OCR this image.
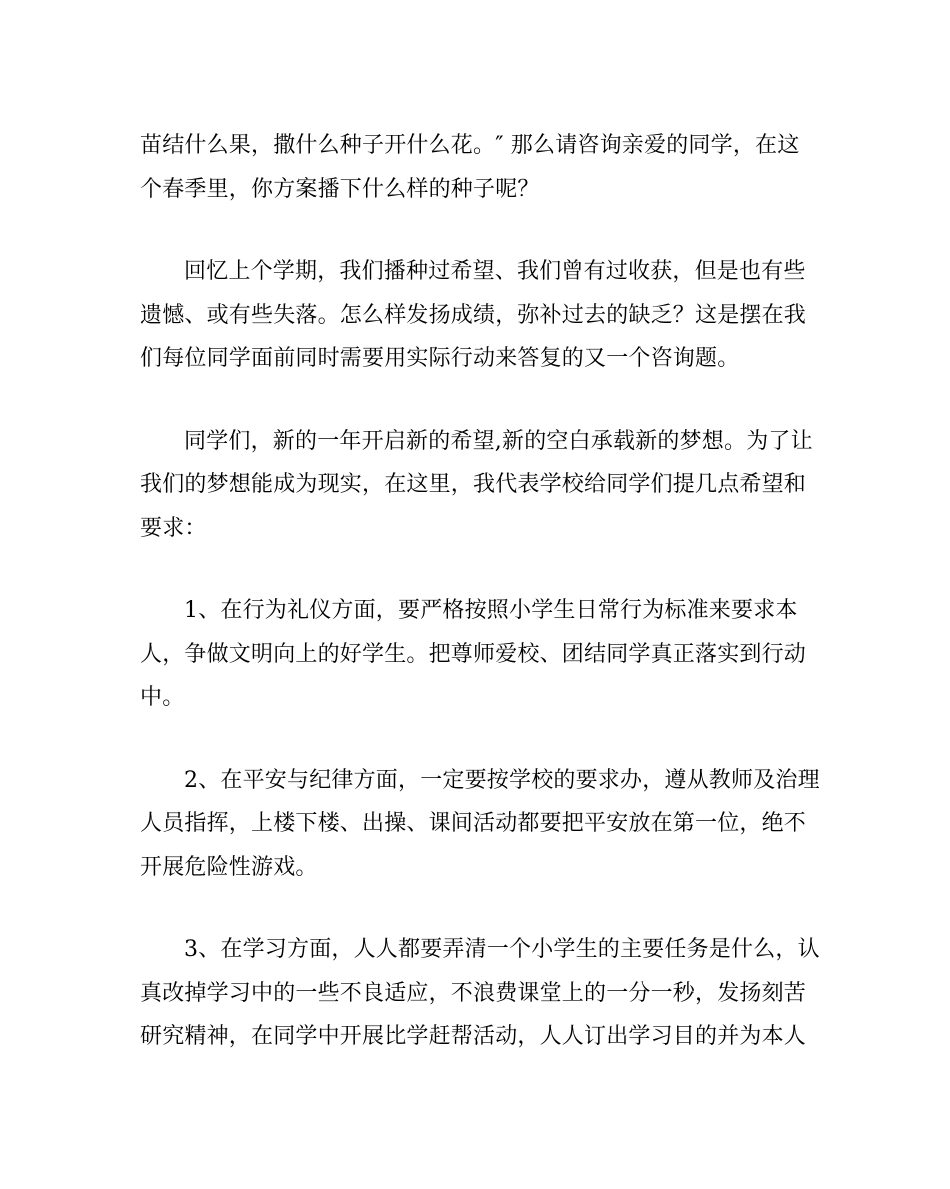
苗结什么果，撒什么种子开什么花。″ 那么请咨询亲爱的同学，在这
个春季里，你方案播下什么样的种子呢？

回忆上个学期，我们播种过希望、我们曾有过收获，但是也有些
遗憾、或有些失落。怎么样发扬成绩，弥补过去的缺乏？这是摆在我
们每位同学面前同时需要用实际行动来答复的又一个咨询题。

同学们，新的一年开启新的希望,新的空白承载新的梦想。为了让
我们的梦想能成为现实，在这里，我代表学校给同学们提几点希望和
要求：

1、在行为礼仪方面，要严格按照小学生日常行为标准来要求本
人，争做文明向上的好学生。把尊师爱校、团结同学真正落实到行动
中。

2、在平安与纪律方面，一定要按学校的要求办，遵从教师及治理
人员指挥，上楼下楼、出操、课间活动都要把平安放在第一位，绝不
开展危险性游戏。

3、在学习方面，人人都要弄清一个小学生的主要任务是什么，认
真改掉学习中的一些不良适应，不浪费课堂上的一分一秒，发扬刻苦
研究精神，在同学中开展比学赶帮活动，人人订出学习目的并为本人
